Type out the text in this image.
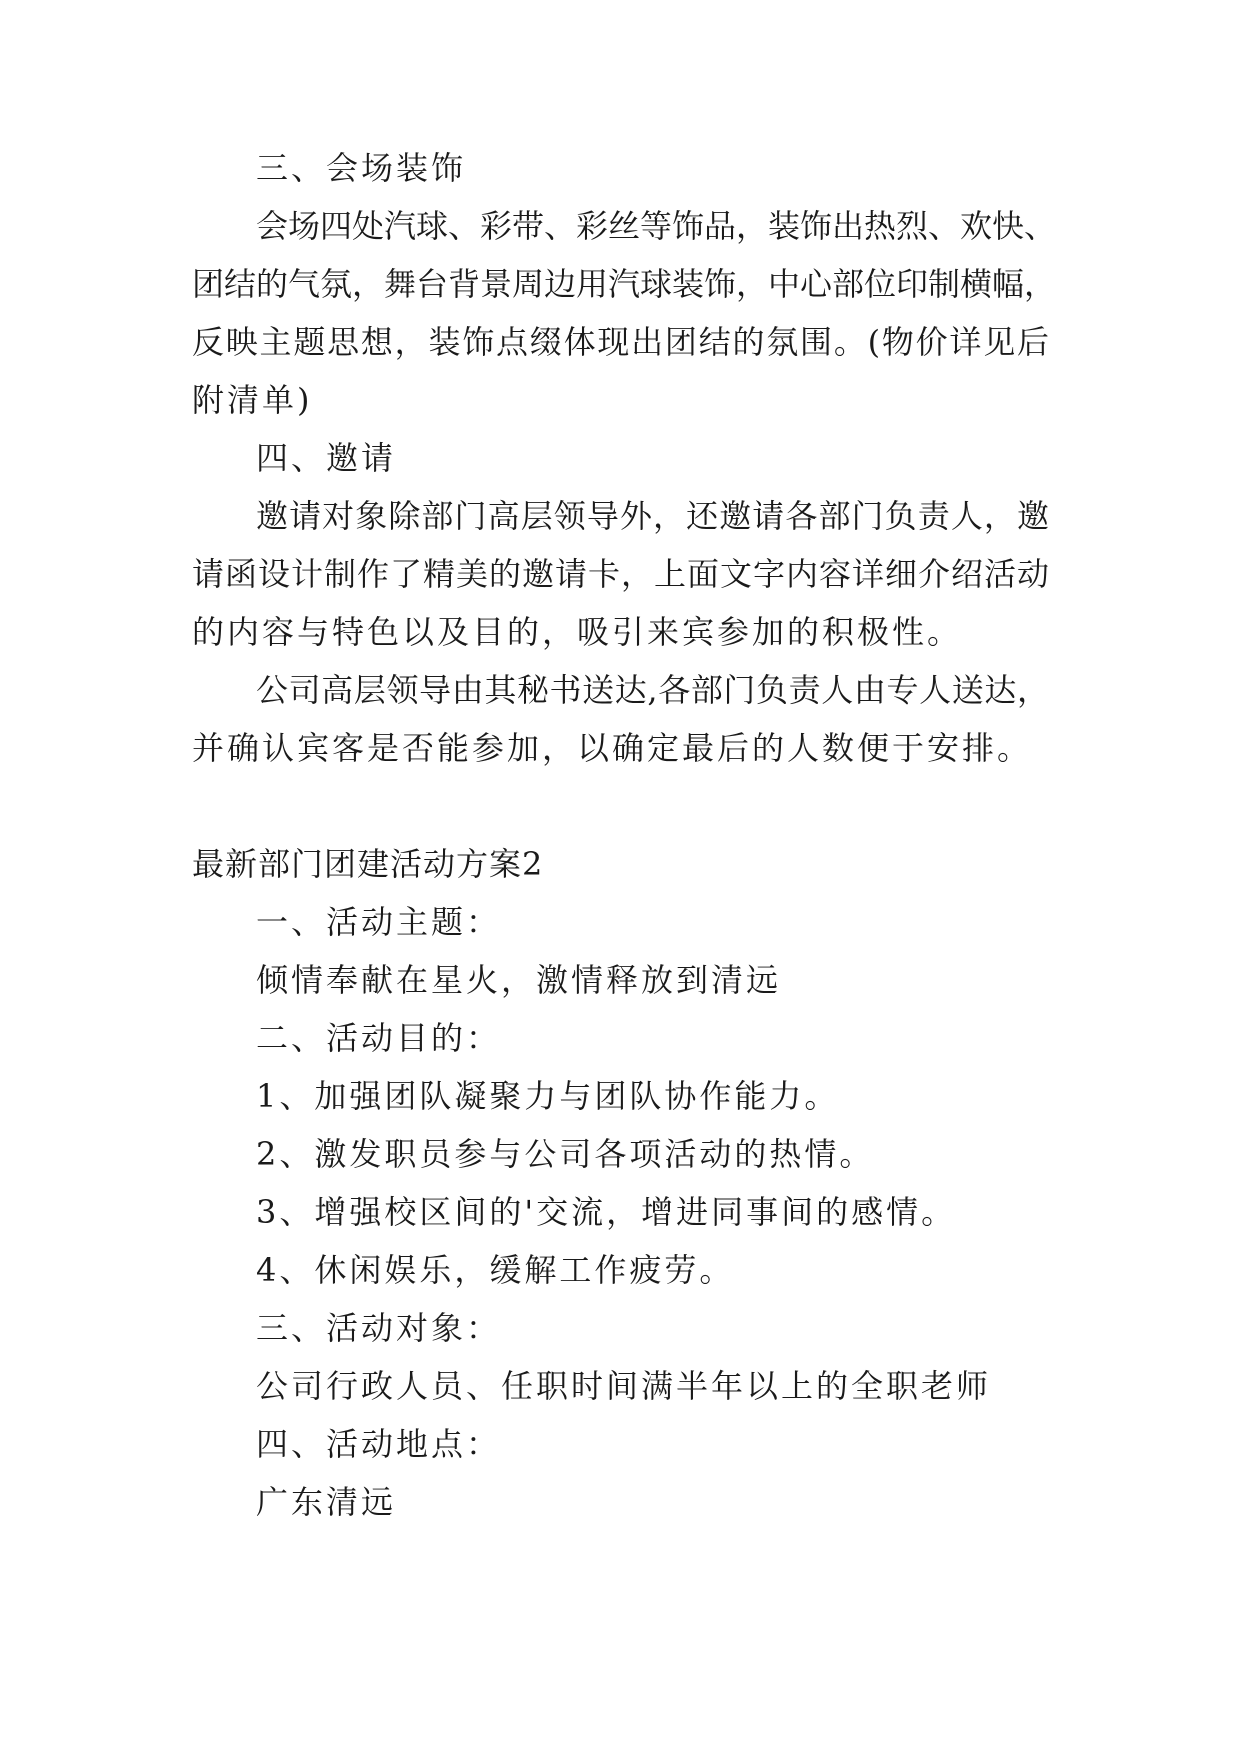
三、会场装饰
会场四处汽球、彩带、彩丝等饰品，装饰出热烈、欢快、
团结的气氛，舞台背景周边用汽球装饰，中心部位印制横幅，
反映主题思想，装饰点缀体现出团结的氛围。(物价详见后
附清单)
四、邀请
邀请对象除部门高层领导外，还邀请各部门负责人，邀
请函设计制作了精美的邀请卡，上面文字内容详细介绍活动
的内容与特色以及目的，吸引来宾参加的积极性。
公司高层领导由其秘书送达,各部门负责人由专人送达，
并确认宾客是否能参加，以确定最后的人数便于安排。
最新部门团建活动方案2
一、活动主题：
倾情奉献在星火，激情释放到清远
二、活动目的：
1、加强团队凝聚力与团队协作能力。
2、激发职员参与公司各项活动的热情。
3、增强校区间的'交流，增进同事间的感情。
4、休闲娱乐，缓解工作疲劳。
三、活动对象：
公司行政人员、任职时间满半年以上的全职老师
四、活动地点：
广东清远
